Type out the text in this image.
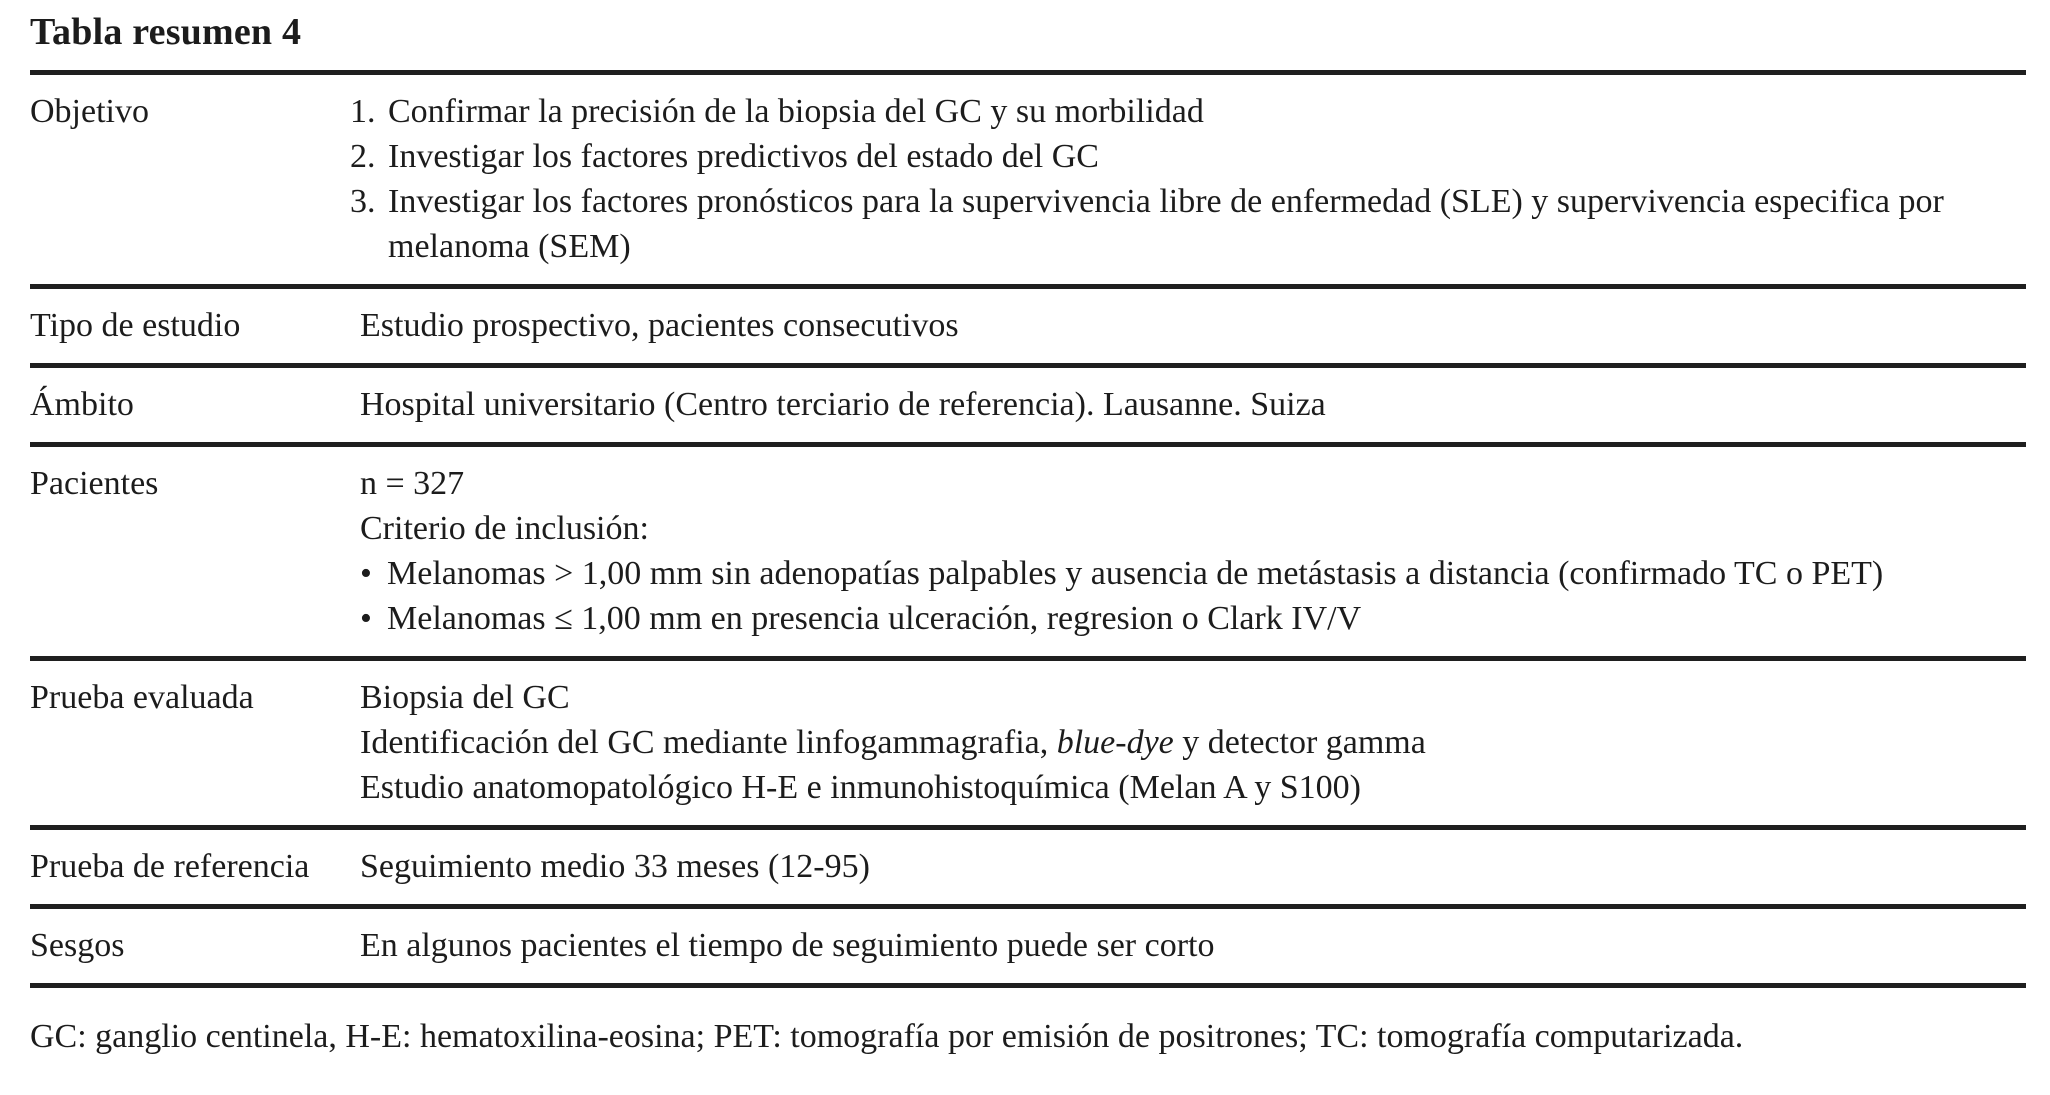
Tabla resumen 4
Objetivo	1. Confirmar la precisión de la biopsia del GC y su morbilidad
2. Investigar los factores predictivos del estado del GC
3. Investigar los factores pronósticos para la supervivencia libre de enfermedad (SLE) y supervivencia especifica por
melanoma (SEM)
Tipo de estudio	Estudio prospectivo, pacientes consecutivos
Ámbito	Hospital universitario (Centro terciario de referencia). Lausanne. Suiza
Pacientes	n = 327
Criterio de inclusión:
• Melanomas > 1,00 mm sin adenopatías palpables y ausencia de metástasis a distancia (confirmado TC o PET)
• Melanomas ≤ 1,00 mm en presencia ulceración, regresion o Clark IV/V
Prueba evaluada	Biopsia del GC
Identificación del GC mediante linfogammagrafia, blue-dye y detector gamma
Estudio anatomopatológico H-E e inmunohistoquímica (Melan A y S100)
Prueba de referencia	Seguimiento medio 33 meses (12-95)
Sesgos	En algunos pacientes el tiempo de seguimiento puede ser corto
GC: ganglio centinela, H-E: hematoxilina-eosina; PET: tomografía por emisión de positrones; TC: tomografía computarizada.
